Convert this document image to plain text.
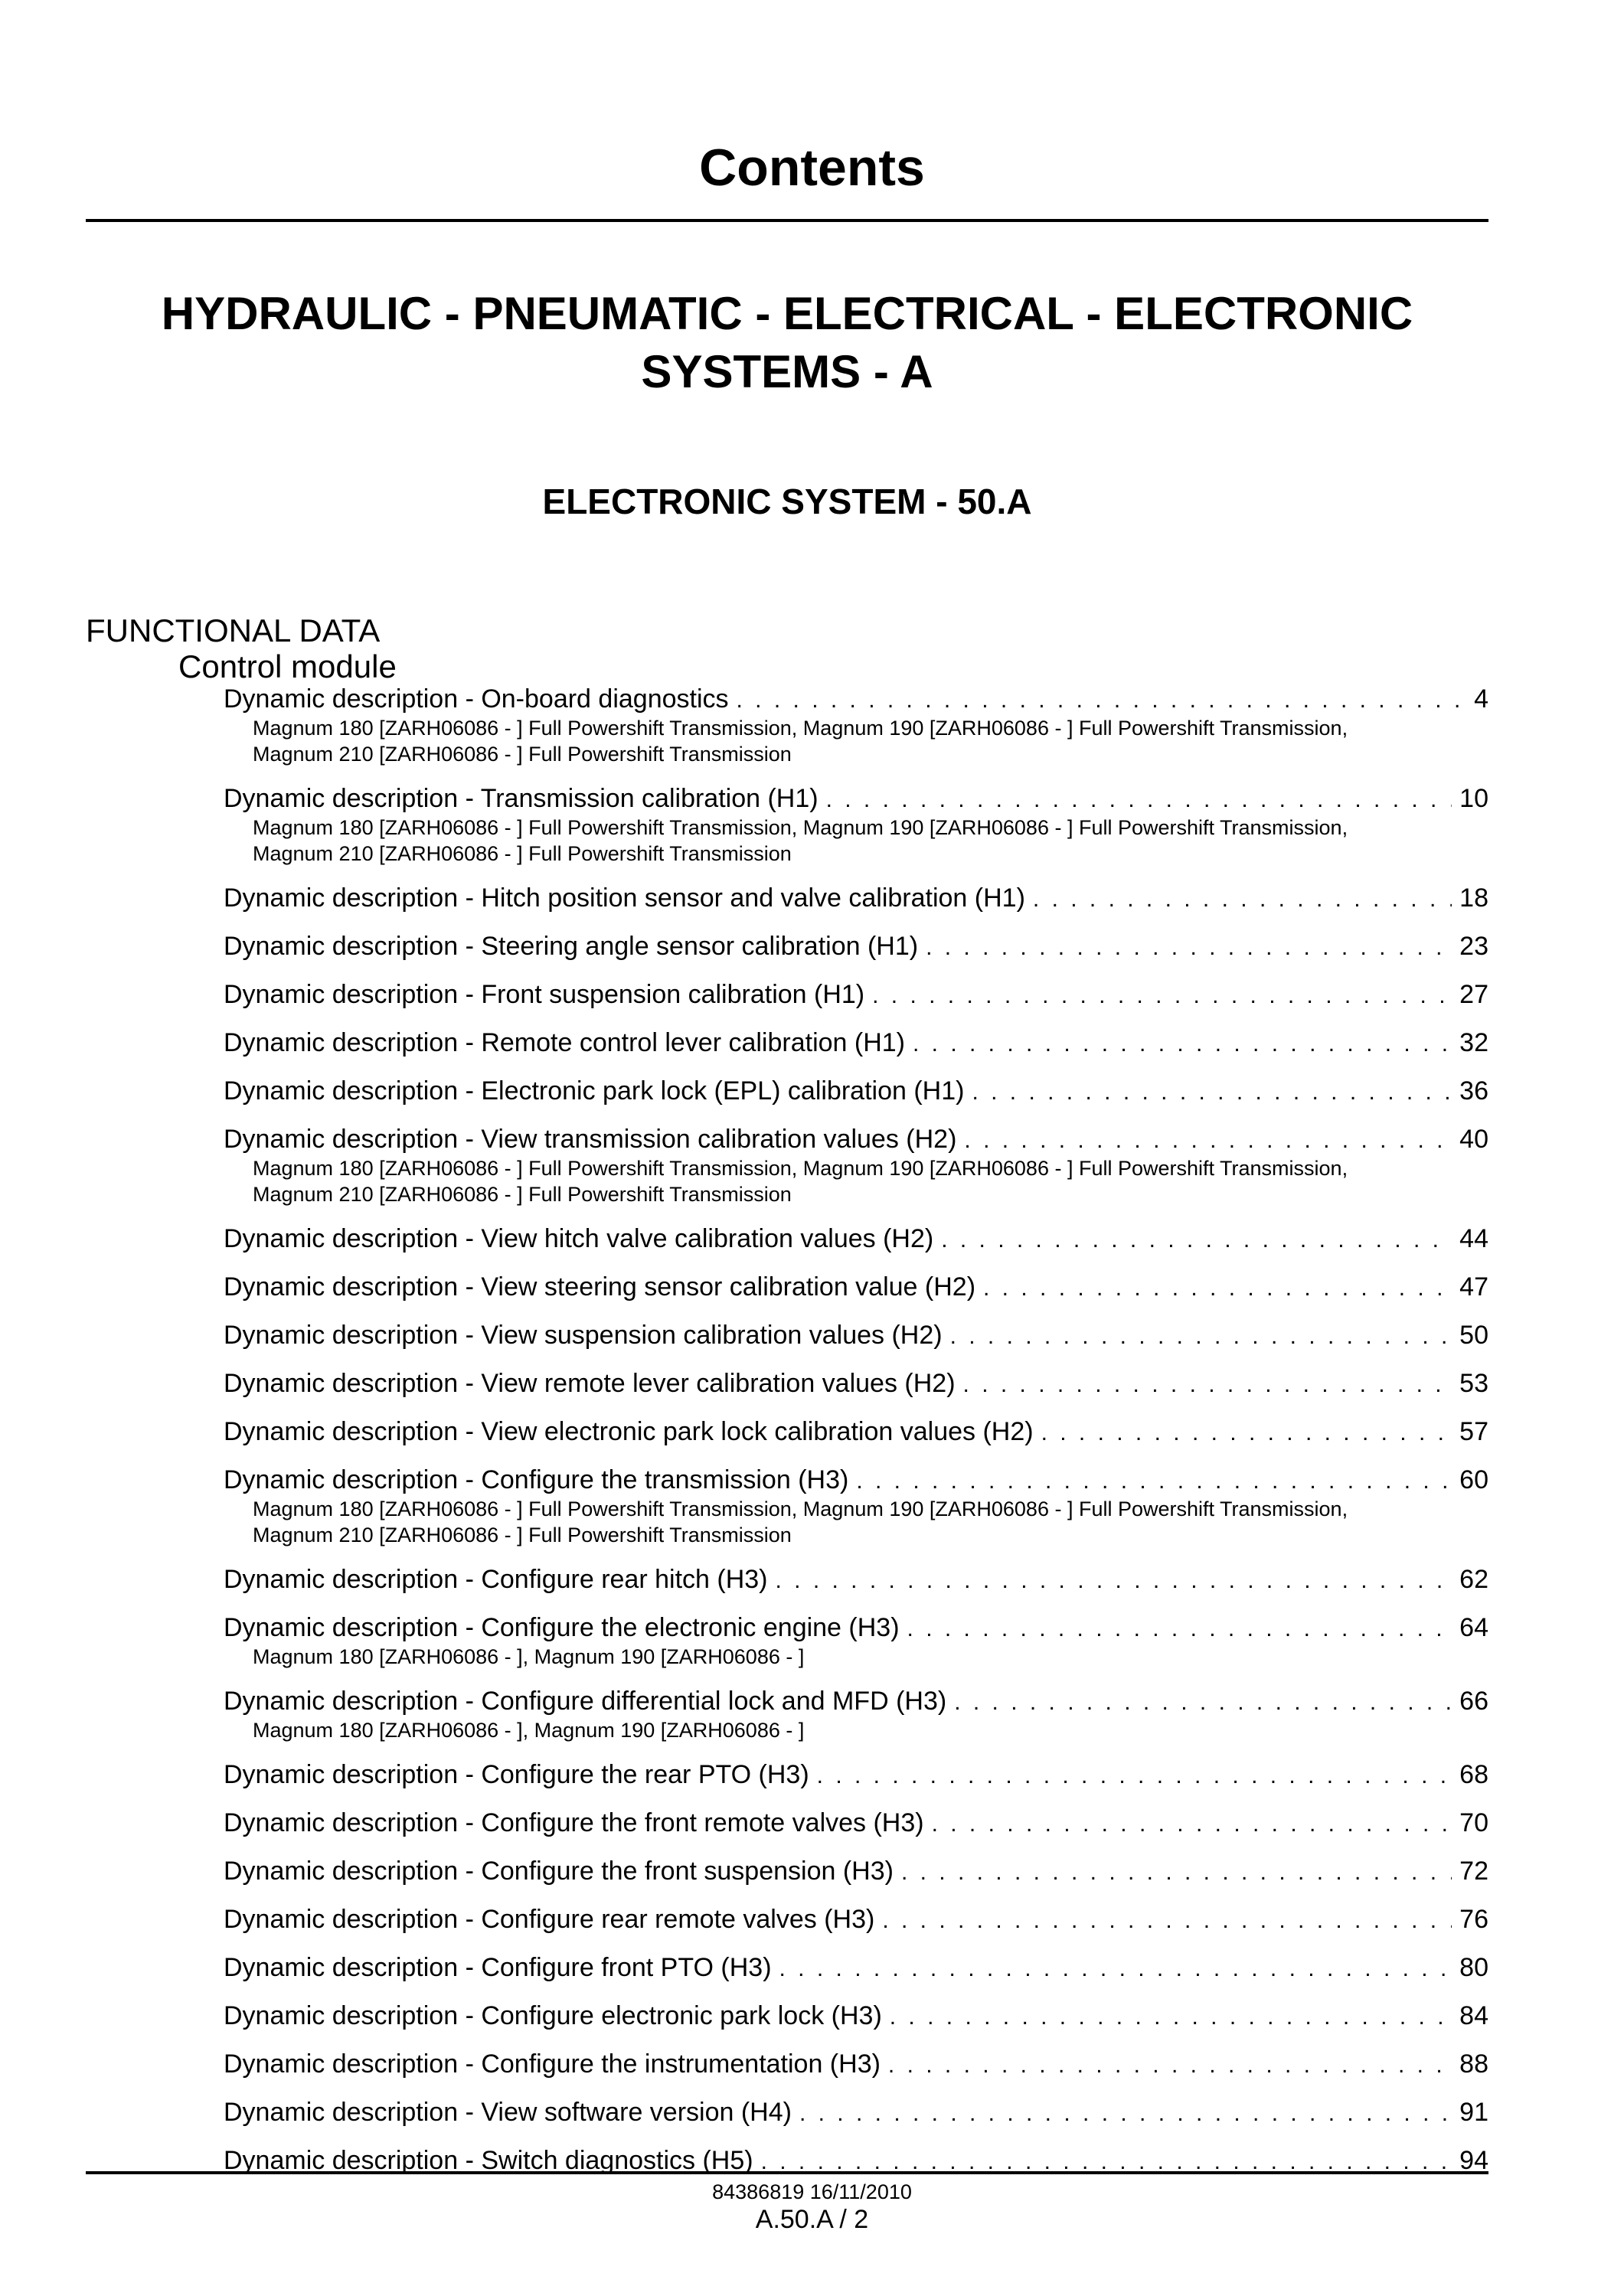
Contents
HYDRAULIC - PNEUMATIC - ELECTRICAL - ELECTRONIC
SYSTEMS - A
ELECTRONIC SYSTEM - 50.A
FUNCTIONAL DATA
Control module
Dynamic description - On-board diagnostics . . .	4
Magnum 180 [ZARH06086 - ] Full Powershift Transmission, Magnum 190 [ZARH06086 - ] Full Powershift Transmission,
Magnum 210 [ZARH06086 - ] Full Powershift Transmission
Dynamic description - Transmission calibration (H1) . . .	10
Magnum 180 [ZARH06086 - ] Full Powershift Transmission, Magnum 190 [ZARH06086 - ] Full Powershift Transmission,
Magnum 210 [ZARH06086 - ] Full Powershift Transmission
Dynamic description - Hitch position sensor and valve calibration (H1) . . .	18
Dynamic description - Steering angle sensor calibration (H1) . . .	23
Dynamic description - Front suspension calibration (H1) . . .	27
Dynamic description - Remote control lever calibration (H1) . . .	32
Dynamic description - Electronic park lock (EPL) calibration (H1) . . .	36
Dynamic description - View transmission calibration values (H2) . . .	40
Magnum 180 [ZARH06086 - ] Full Powershift Transmission, Magnum 190 [ZARH06086 - ] Full Powershift Transmission,
Magnum 210 [ZARH06086 - ] Full Powershift Transmission
Dynamic description - View hitch valve calibration values (H2) . . .	44
Dynamic description - View steering sensor calibration value (H2) . . .	47
Dynamic description - View suspension calibration values (H2) . . .	50
Dynamic description - View remote lever calibration values (H2) . . .	53
Dynamic description - View electronic park lock calibration values (H2) . . .	57
Dynamic description - Configure the transmission (H3) . . .	60
Magnum 180 [ZARH06086 - ] Full Powershift Transmission, Magnum 190 [ZARH06086 - ] Full Powershift Transmission,
Magnum 210 [ZARH06086 - ] Full Powershift Transmission
Dynamic description - Configure rear hitch (H3) . . .	62
Dynamic description - Configure the electronic engine (H3) . . .	64
Magnum 180 [ZARH06086 - ], Magnum 190 [ZARH06086 - ]
Dynamic description - Configure differential lock and MFD (H3) . . .	66
Magnum 180 [ZARH06086 - ], Magnum 190 [ZARH06086 - ]
Dynamic description - Configure the rear PTO (H3) . . .	68
Dynamic description - Configure the front remote valves (H3) . . .	70
Dynamic description - Configure the front suspension (H3) . . .	72
Dynamic description - Configure rear remote valves (H3) . . .	76
Dynamic description - Configure front PTO (H3) . . .	80
Dynamic description - Configure electronic park lock (H3) . . .	84
Dynamic description - Configure the instrumentation (H3) . . .	88
Dynamic description - View software version (H4) . . .	91
Dynamic description - Switch diagnostics (H5) . . .	94
84386819 16/11/2010
A.50.A / 2
